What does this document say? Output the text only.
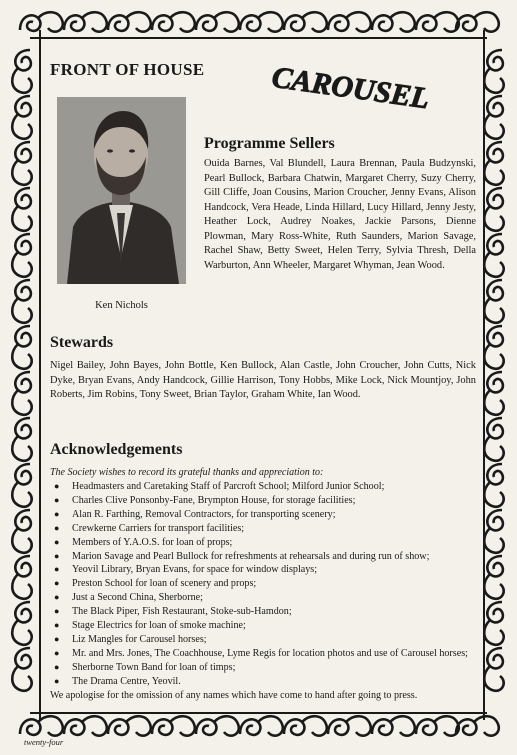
FRONT OF HOUSE CAROUSEL
Ken Nichols
Programme Sellers
Ouida Barnes, Val Blundell, Laura Brennan, Paula Budzynski, Pearl Bullock, Barbara Chatwin, Margaret Cherry, Suzy Cherry, Gill Cliffe, Joan Cousins, Marion Croucher, Jenny Evans, Alison Handcock, Vera Heade, Linda Hillard, Lucy Hillard, Jenny Jesty, Heather Lock, Audrey Noakes, Jackie Parsons, Dienne Plowman, Mary Ross-White, Ruth Saunders, Marion Savage, Rachel Shaw, Betty Sweet, Helen Terry, Sylvia Thresh, Della Warburton, Ann Wheeler, Margaret Whyman, Jean Wood.
Stewards
Nigel Bailey, John Bayes, John Bottle, Ken Bullock, Alan Castle, John Croucher, John Cutts, Nick Dyke, Bryan Evans, Andy Handcock, Gillie Harrison, Tony Hobbs, Mike Lock, Nick Mountjoy, John Roberts, Jim Robins, Tony Sweet, Brian Taylor, Graham White, Ian Wood.
Acknowledgements
The Society wishes to record its grateful thanks and appreciation to:
● Headmasters and Caretaking Staff of Parcroft School; Milford Junior School;
● Charles Clive Ponsonby-Fane, Brympton House, for storage facilities;
● Alan R. Farthing, Removal Contractors, for transporting scenery;
● Crewkerne Carriers for transport facilities;
● Members of Y.A.O.S. for loan of props;
● Marion Savage and Pearl Bullock for refreshments at rehearsals and during run of show;
● Yeovil Library, Bryan Evans, for space for window displays;
● Preston School for loan of scenery and props;
● Just a Second China, Sherborne;
● The Black Piper, Fish Restaurant, Stoke-sub-Hamdon;
● Stage Electrics for loan of smoke machine;
● Liz Mangles for Carousel horses;
● Mr. and Mrs. Jones, The Coachhouse, Lyme Regis for location photos and use of Carousel horses;
● Sherborne Town Band for loan of timps;
● The Drama Centre, Yeovil.
We apologise for the omission of any names which have come to hand after going to press.
twenty-four
